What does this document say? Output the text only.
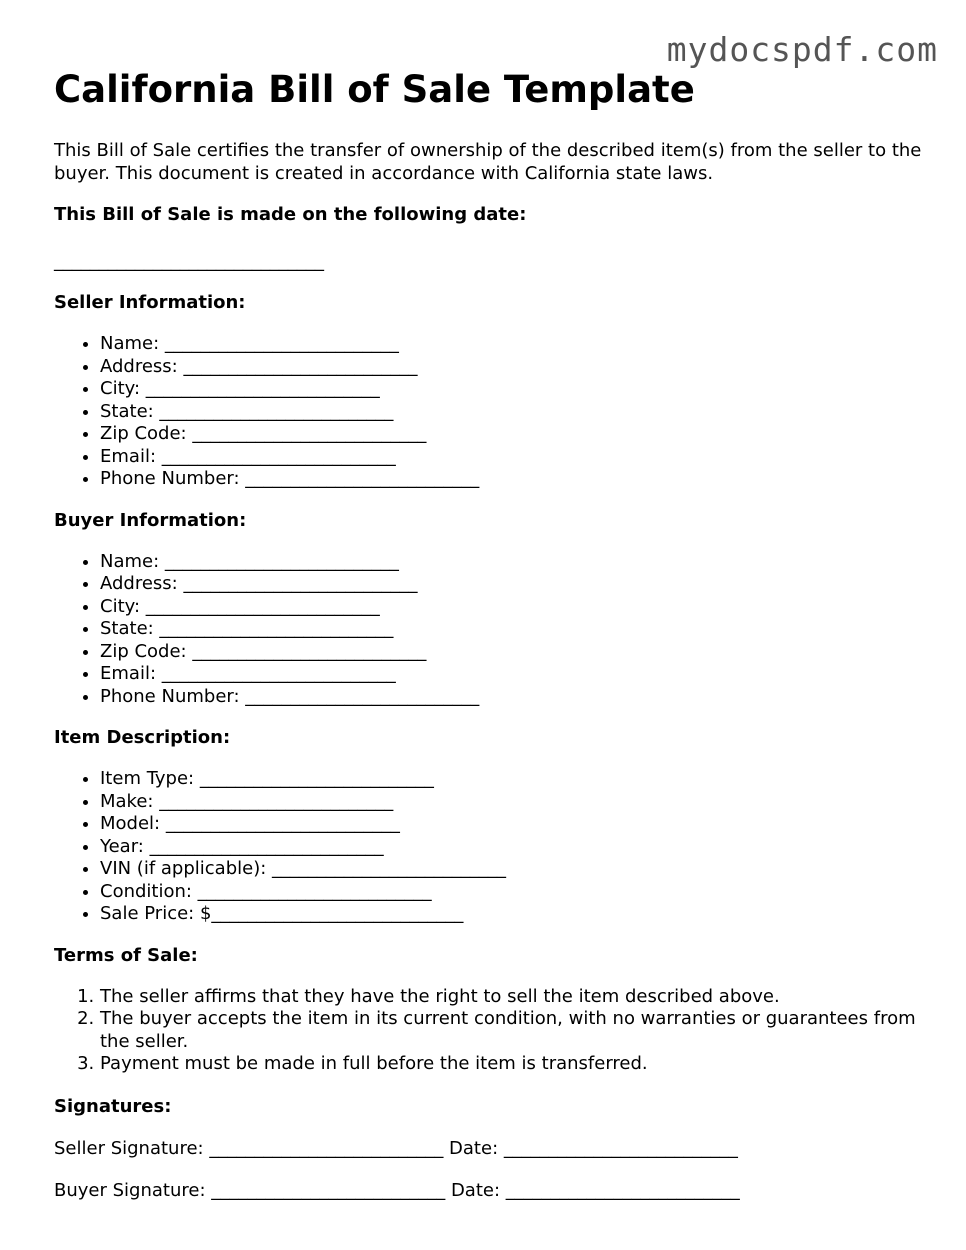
mydocspdf.com
California Bill of Sale Template

This Bill of Sale certifies the transfer of ownership of the described item(s) from the seller to the buyer. This document is created in accordance with California state laws.

This Bill of Sale is made on the following date:

______________________________

Seller Information:

• Name: __________________________
• Address: __________________________
• City: __________________________
• State: __________________________
• Zip Code: __________________________
• Email: __________________________
• Phone Number: __________________________

Buyer Information:

• Name: __________________________
• Address: __________________________
• City: __________________________
• State: __________________________
• Zip Code: __________________________
• Email: __________________________
• Phone Number: __________________________

Item Description:

• Item Type: __________________________
• Make: __________________________
• Model: __________________________
• Year: __________________________
• VIN (if applicable): __________________________
• Condition: __________________________
• Sale Price: $____________________________

Terms of Sale:

1. The seller affirms that they have the right to sell the item described above.
2. The buyer accepts the item in its current condition, with no warranties or guarantees from the seller.
3. Payment must be made in full before the item is transferred.

Signatures:

Seller Signature: __________________________ Date: __________________________
Buyer Signature: __________________________ Date: __________________________
